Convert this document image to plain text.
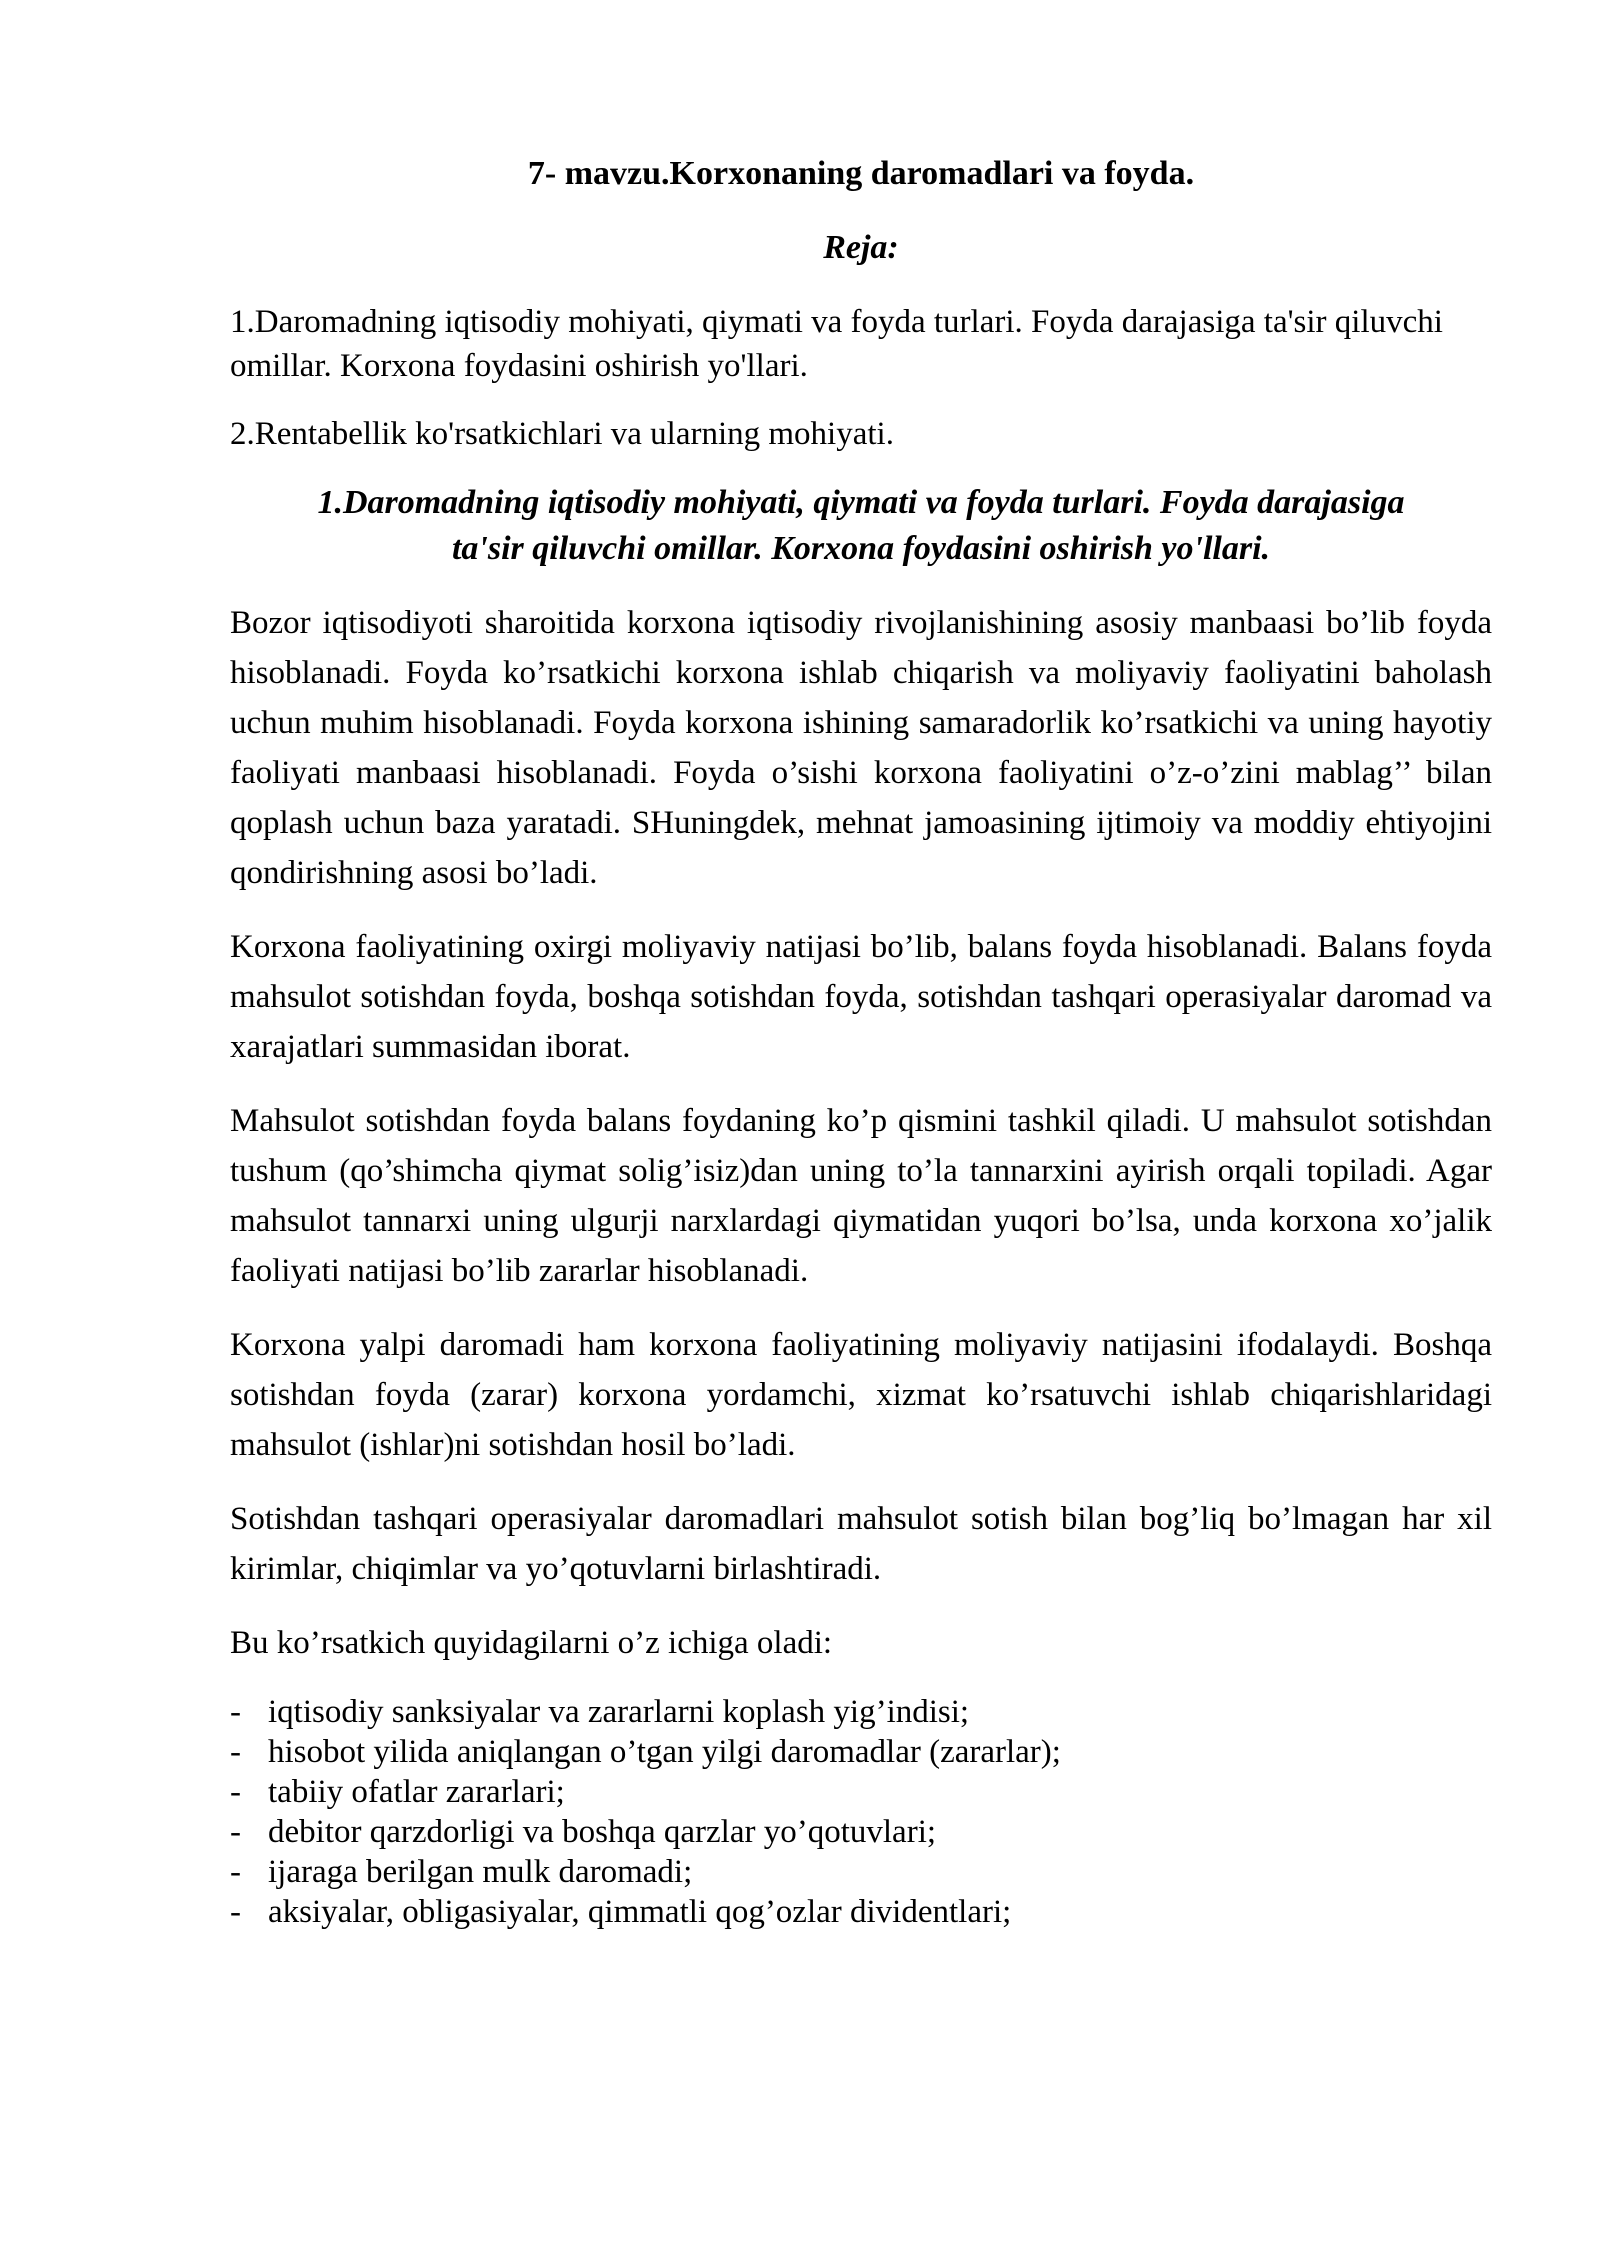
7- mavzu.Korxonaning daromadlari va foyda.
Reja:
1.Daromadning iqtisodiy mohiyati, qiymati va foyda turlari. Foyda darajasiga ta'sir qiluvchi omillar. Korxona foydasini oshirish yo'llari.
2.Rentabellik ko'rsatkichlari va ularning mohiyati.
1.Daromadning iqtisodiy mohiyati, qiymati va foyda turlari. Foyda darajasiga
ta'sir qiluvchi omillar. Korxona foydasini oshirish yo'llari.

Bozor iqtisodiyoti sharoitida korxona iqtisodiy rivojlanishining asosiy manbaasi bo’lib foyda hisoblanadi. Foyda ko’rsatkichi korxona ishlab chiqarish va moliyaviy faoliyatini baholash uchun muhim hisoblanadi. Foyda korxona ishining samaradorlik ko’rsatkichi va uning hayotiy faoliyati manbaasi hisoblanadi. Foyda o’sishi korxona faoliyatini o’z-o’zini mablag’’ bilan qoplash uchun baza yaratadi. SHuningdek, mehnat jamoasining ijtimoiy va moddiy ehtiyojini qondirishning asosi bo’ladi.

Korxona faoliyatining oxirgi moliyaviy natijasi bo’lib, balans foyda hisoblanadi. Balans foyda mahsulot sotishdan foyda, boshqa sotishdan foyda, sotishdan tashqari operasiyalar daromad va xarajatlari summasidan iborat.

Mahsulot sotishdan foyda balans foydaning ko’p qismini tashkil qiladi. U mahsulot sotishdan tushum (qo’shimcha qiymat solig’isiz)dan uning to’la tannarxini ayirish orqali topiladi. Agar mahsulot tannarxi uning ulgurji narxlardagi qiymatidan yuqori bo’lsa, unda korxona xo’jalik faoliyati natijasi bo’lib zararlar hisoblanadi.

Korxona yalpi daromadi ham korxona faoliyatining moliyaviy natijasini ifodalaydi. Boshqa sotishdan foyda (zarar) korxona yordamchi, xizmat ko’rsatuvchi ishlab chiqarishlaridagi mahsulot (ishlar)ni sotishdan hosil bo’ladi.

Sotishdan tashqari operasiyalar daromadlari mahsulot sotish bilan bog’liq bo’lmagan har xil kirimlar, chiqimlar va yo’qotuvlarni birlashtiradi.

Bu ko’rsatkich quyidagilarni o’z ichiga oladi:

- iqtisodiy sanksiyalar va zararlarni koplash yig’indisi;
- hisobot yilida aniqlangan o’tgan yilgi daromadlar (zararlar);
- tabiiy ofatlar zararlari;
- debitor qarzdorligi va boshqa qarzlar yo’qotuvlari;
- ijaraga berilgan mulk daromadi;
- aksiyalar, obligasiyalar, qimmatli qog’ozlar dividentlari;
